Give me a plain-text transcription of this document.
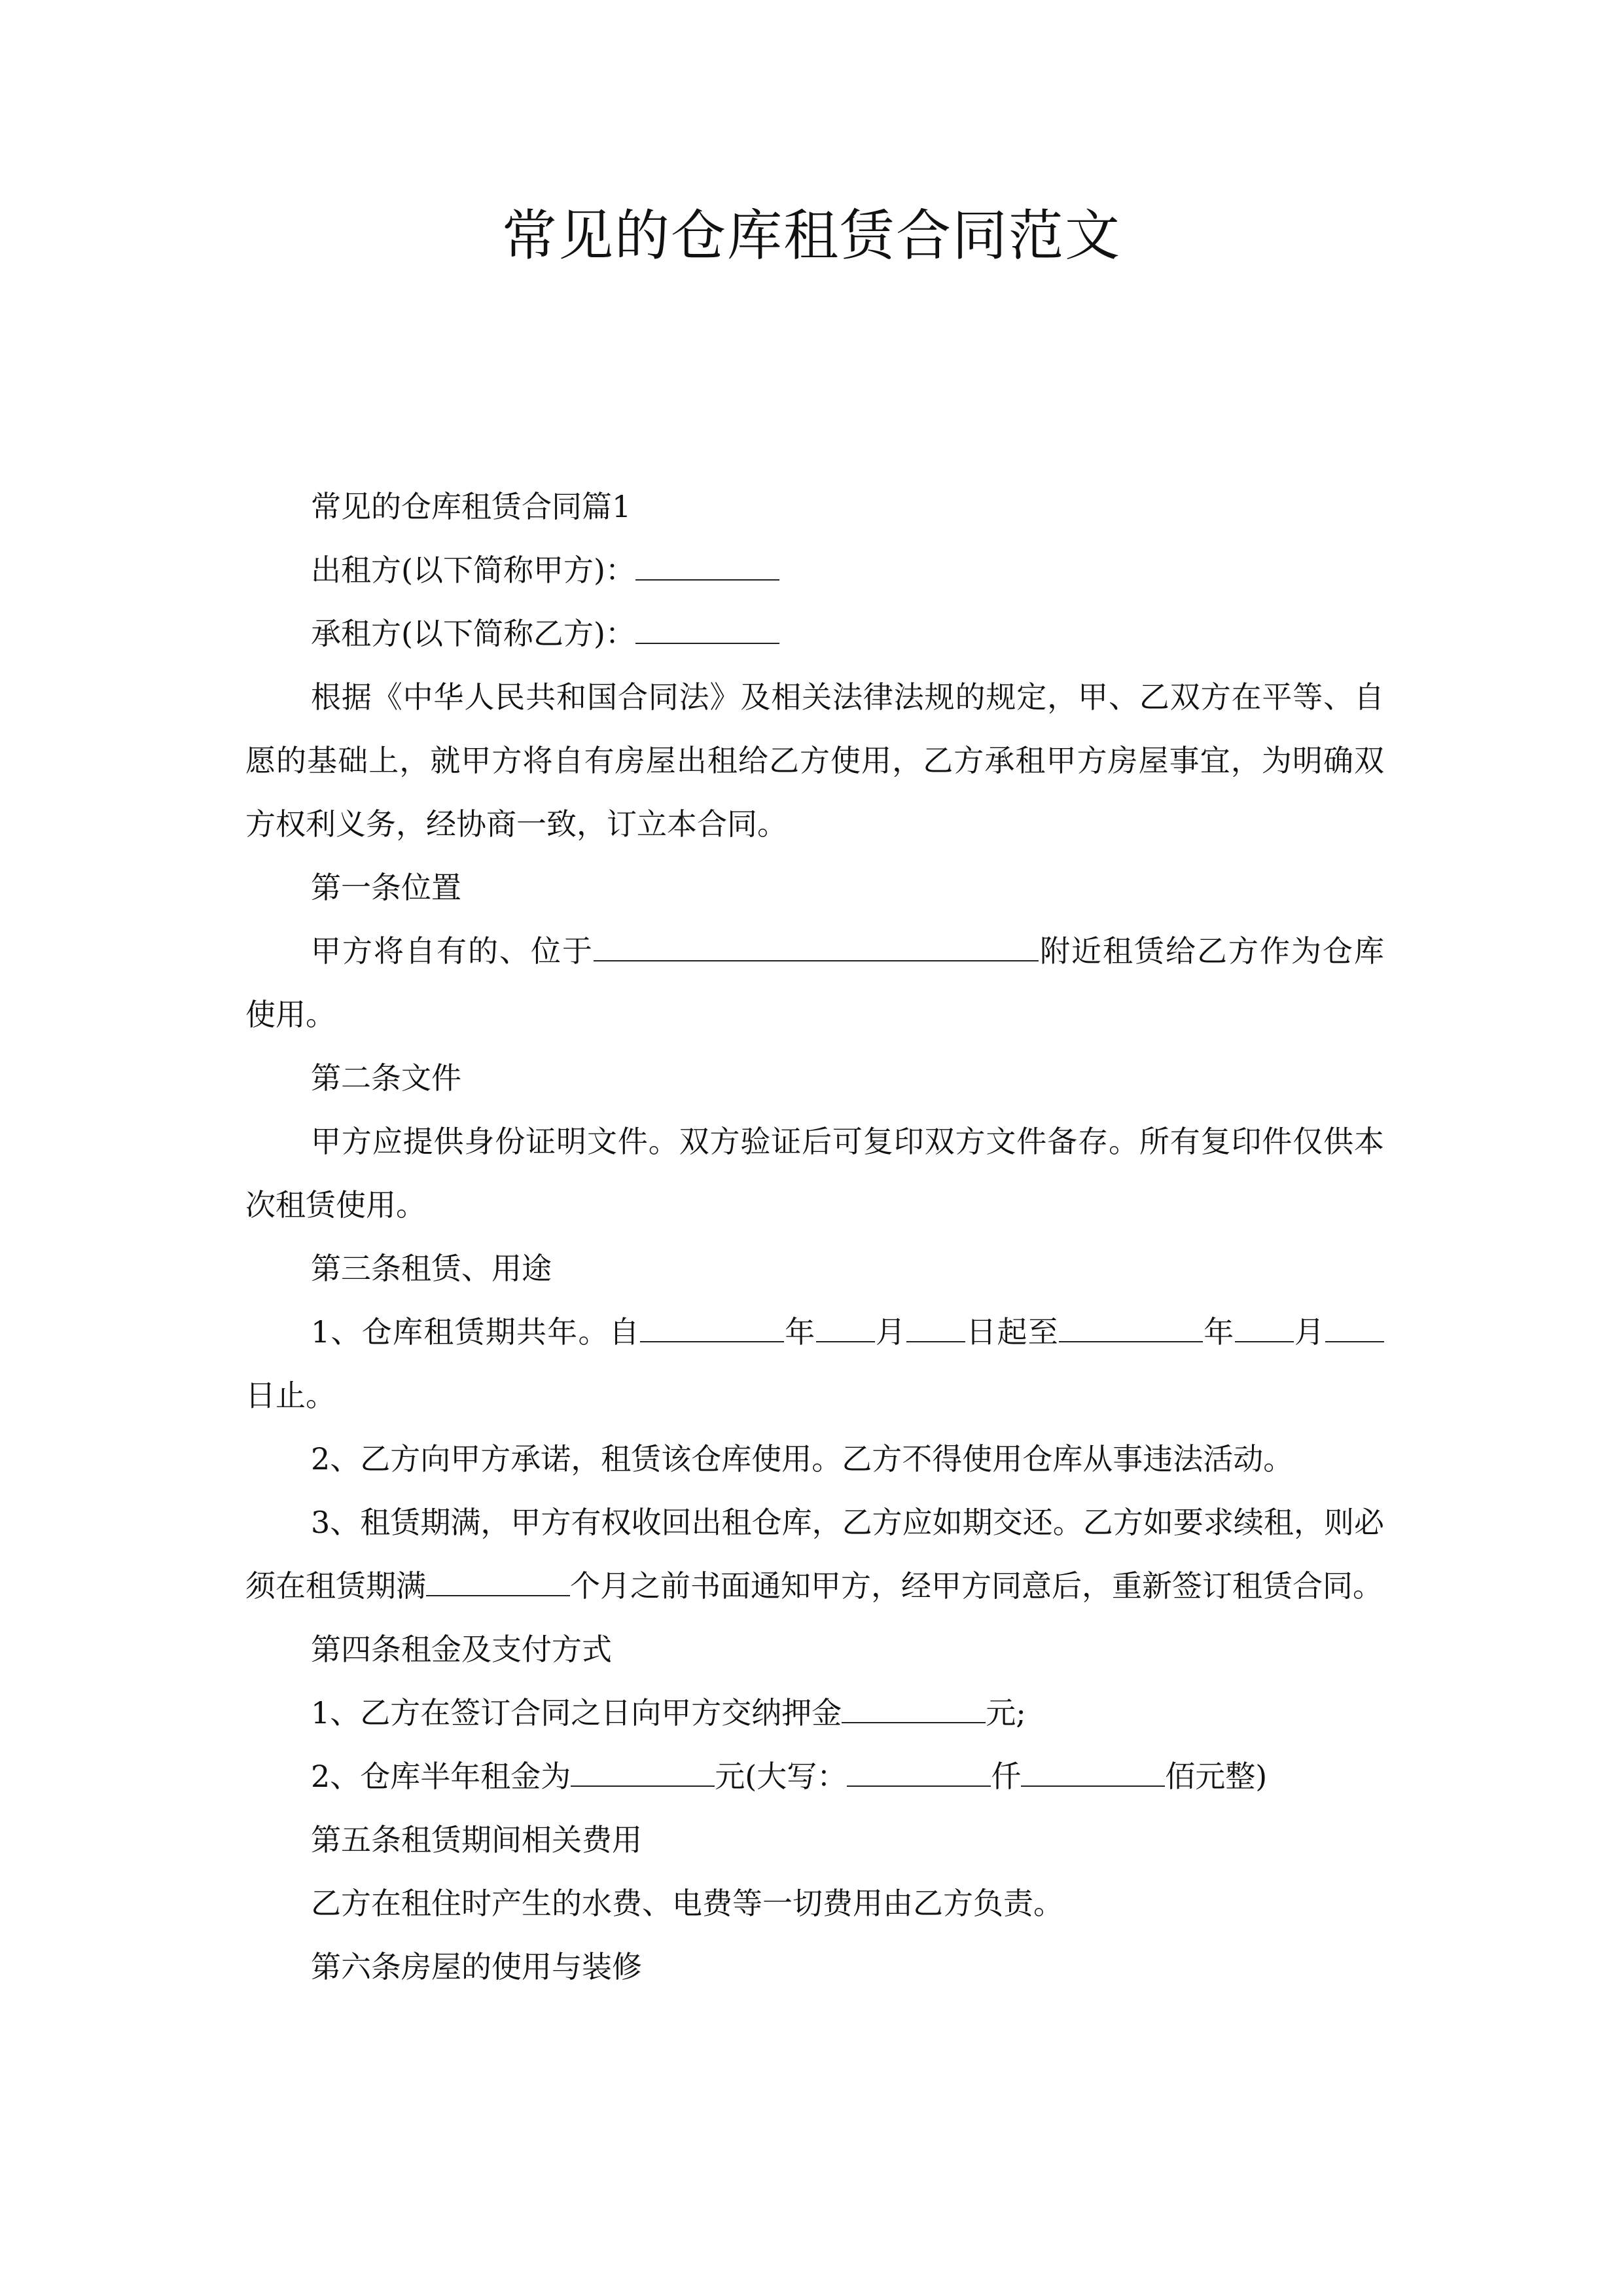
常见的仓库租赁合同范文

常见的仓库租赁合同篇1

出租方(以下简称甲方)：

承租方(以下简称乙方)：

根据《中华人民共和国合同法》及相关法律法规的规定，甲、乙双方在平等、自愿的基础上，就甲方将自有房屋出租给乙方使用，乙方承租甲方房屋事宜，为明确双方权利义务，经协商一致，订立本合同。

第一条位置

甲方将自有的、位于	附近租赁给乙方作为仓库使用。

第二条文件

甲方应提供身份证明文件。双方验证后可复印双方文件备存。所有复印件仅供本次租赁使用。

第三条租赁、用途

1、仓库租赁期共年。自	年 月 日起至	年 月日止。

2、乙方向甲方承诺，租赁该仓库使用。乙方不得使用仓库从事违法活动。

3、租赁期满，甲方有权收回出租仓库，乙方应如期交还。乙方如要求续租，则必须在租赁期满	个月之前书面通知甲方，经甲方同意后，重新签订租赁合同。

第四条租金及支付方式

1、乙方在签订合同之日向甲方交纳押金	元;

2、仓库半年租金为	元(大写：	仟	佰元整)

第五条租赁期间相关费用

乙方在租住时产生的水费、电费等一切费用由乙方负责。

第六条房屋的使用与装修
